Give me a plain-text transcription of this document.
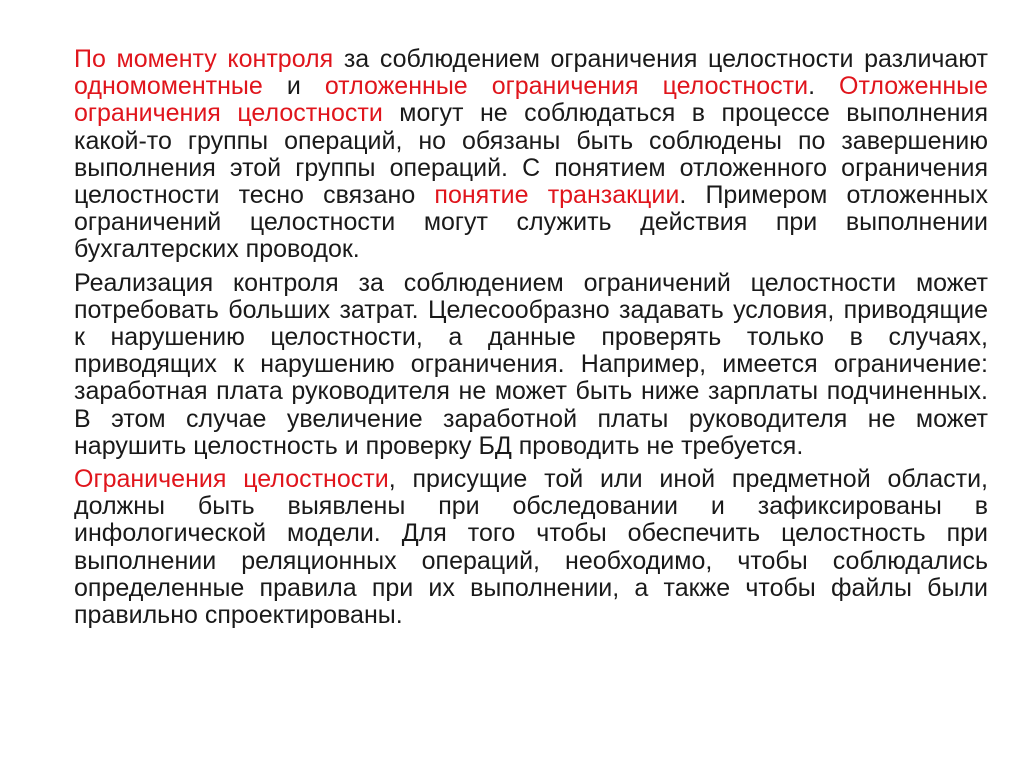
По моменту контроля за соблюдением ограничения целостности различают одномоментные и отложенные ограничения целостности. Отложенные ограничения целостности могут не соблюдаться в процессе выполнения какой-то группы операций, но обязаны быть соблюдены по завершению выполнения этой группы операций. С понятием отложенного ограничения целостности тесно связано понятие транзакции. Примером отложенных ограничений целостности могут служить действия при выполнении бухгалтерских проводок.

Реализация контроля за соблюдением ограничений целостности может потребовать больших затрат. Целесообразно задавать условия, приводящие к нарушению целостности, а данные проверять только в случаях, приводящих к нарушению ограничения. Например, имеется ограничение: заработная плата руководителя не может быть ниже зарплаты подчиненных. В этом случае увеличение заработной платы руководителя не может нарушить целостность и проверку БД проводить не требуется.

Ограничения целостности, присущие той или иной предметной области, должны быть выявлены при обследовании и зафиксированы в инфологической модели. Для того чтобы обеспечить целостность при выполнении реляционных операций, необходимо, чтобы соблюдались определенные правила при их выполнении, а также чтобы файлы были правильно спроектированы.
